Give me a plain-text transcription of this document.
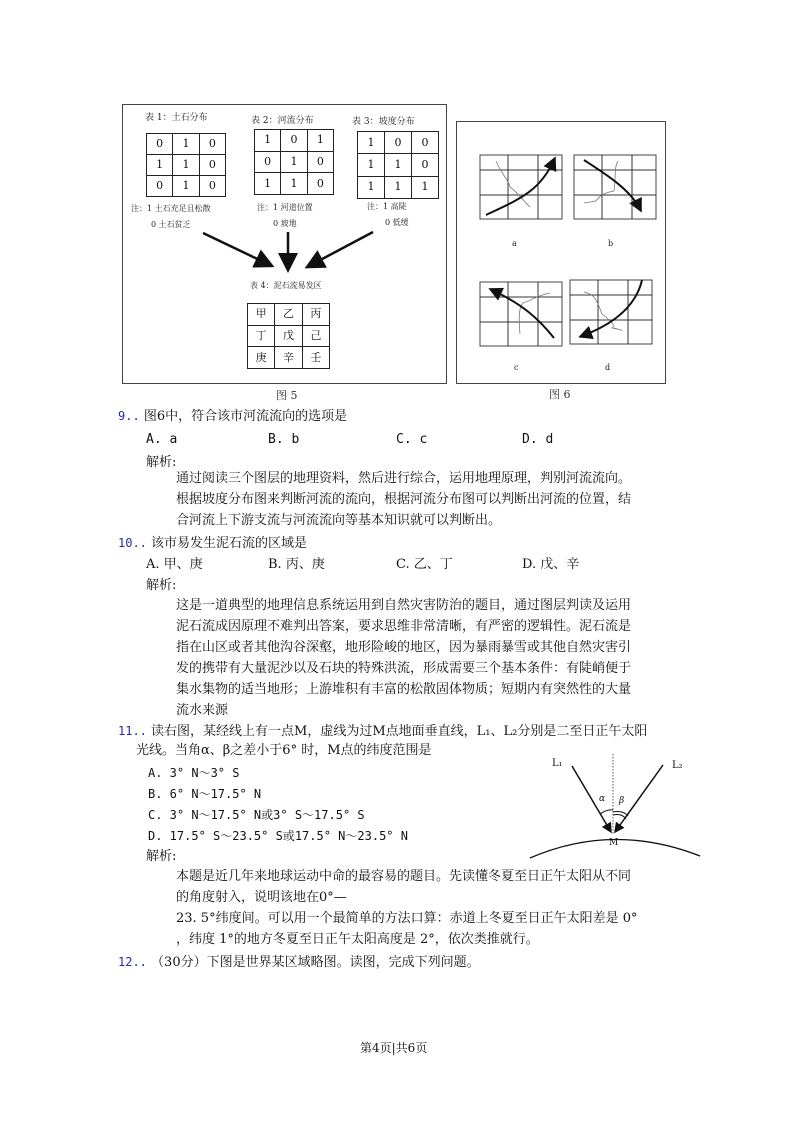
表 1：土石分布
0	1	0
1	1	0
0	1	0
注：1 土石充足且松散
0 土石贫乏
表 2：河流分布
1	0	1
0	1	0
1	1	0
注：1 河道位置
0 坡地
表 3：坡度分布
1	0	0
1	1	0
1	1	1
注：1 高陡
0 低缓
表 4：泥石流易发区
甲	乙	丙
丁	戊	己
庚	辛	壬
图 5
a	b
c	d
图 6
9.. 图6中，符合该市河流流向的选项是
A. a	B. b	C. c	D. d
解析:
通过阅读三个图层的地理资料，然后进行综合，运用地理原理，判别河流流向。
根据坡度分布图来判断河流的流向，根据河流分布图可以判断出河流的位置，结
合河流上下游支流与河流流向等基本知识就可以判断出。
10.. 该市易发生泥石流的区域是
A. 甲、庚	B. 丙、庚	C. 乙、丁	D. 戊、辛
解析:
这是一道典型的地理信息系统运用到自然灾害防治的题目，通过图层判读及运用
泥石流成因原理不难判出答案，要求思维非常清晰，有严密的逻辑性。泥石流是
指在山区或者其他沟谷深壑，地形险峻的地区，因为暴雨暴雪或其他自然灾害引
发的携带有大量泥沙以及石块的特殊洪流，形成需要三个基本条件：有陡峭便于
集水集物的适当地形；上游堆积有丰富的松散固体物质；短期内有突然性的大量
流水来源
11.. 读右图，某经线上有一点M，虚线为过M点地面垂直线，L₁、L₂分别是二至日正午太阳
光线。当角α、β之差小于6° 时，M点的纬度范围是
A. 3° N～3° S
B. 6° N～17.5° N
C. 3° N～17.5° N或3° S～17.5° S
D. 17.5° S～23.5° S或17.5° N～23.5° N
L₁	L₂
α β
M
解析:
本题是近几年来地球运动中命的最容易的题目。先读懂冬夏至日正午太阳从不同
的角度射入，说明该地在0°—
23. 5°纬度间。可以用一个最简单的方法口算：赤道上冬夏至日正午太阳差是 0°
，纬度 1°的地方冬夏至日正午太阳高度是 2°，依次类推就行。
12.. （30分）下图是世界某区域略图。读图，完成下列问题。
第4页|共6页
